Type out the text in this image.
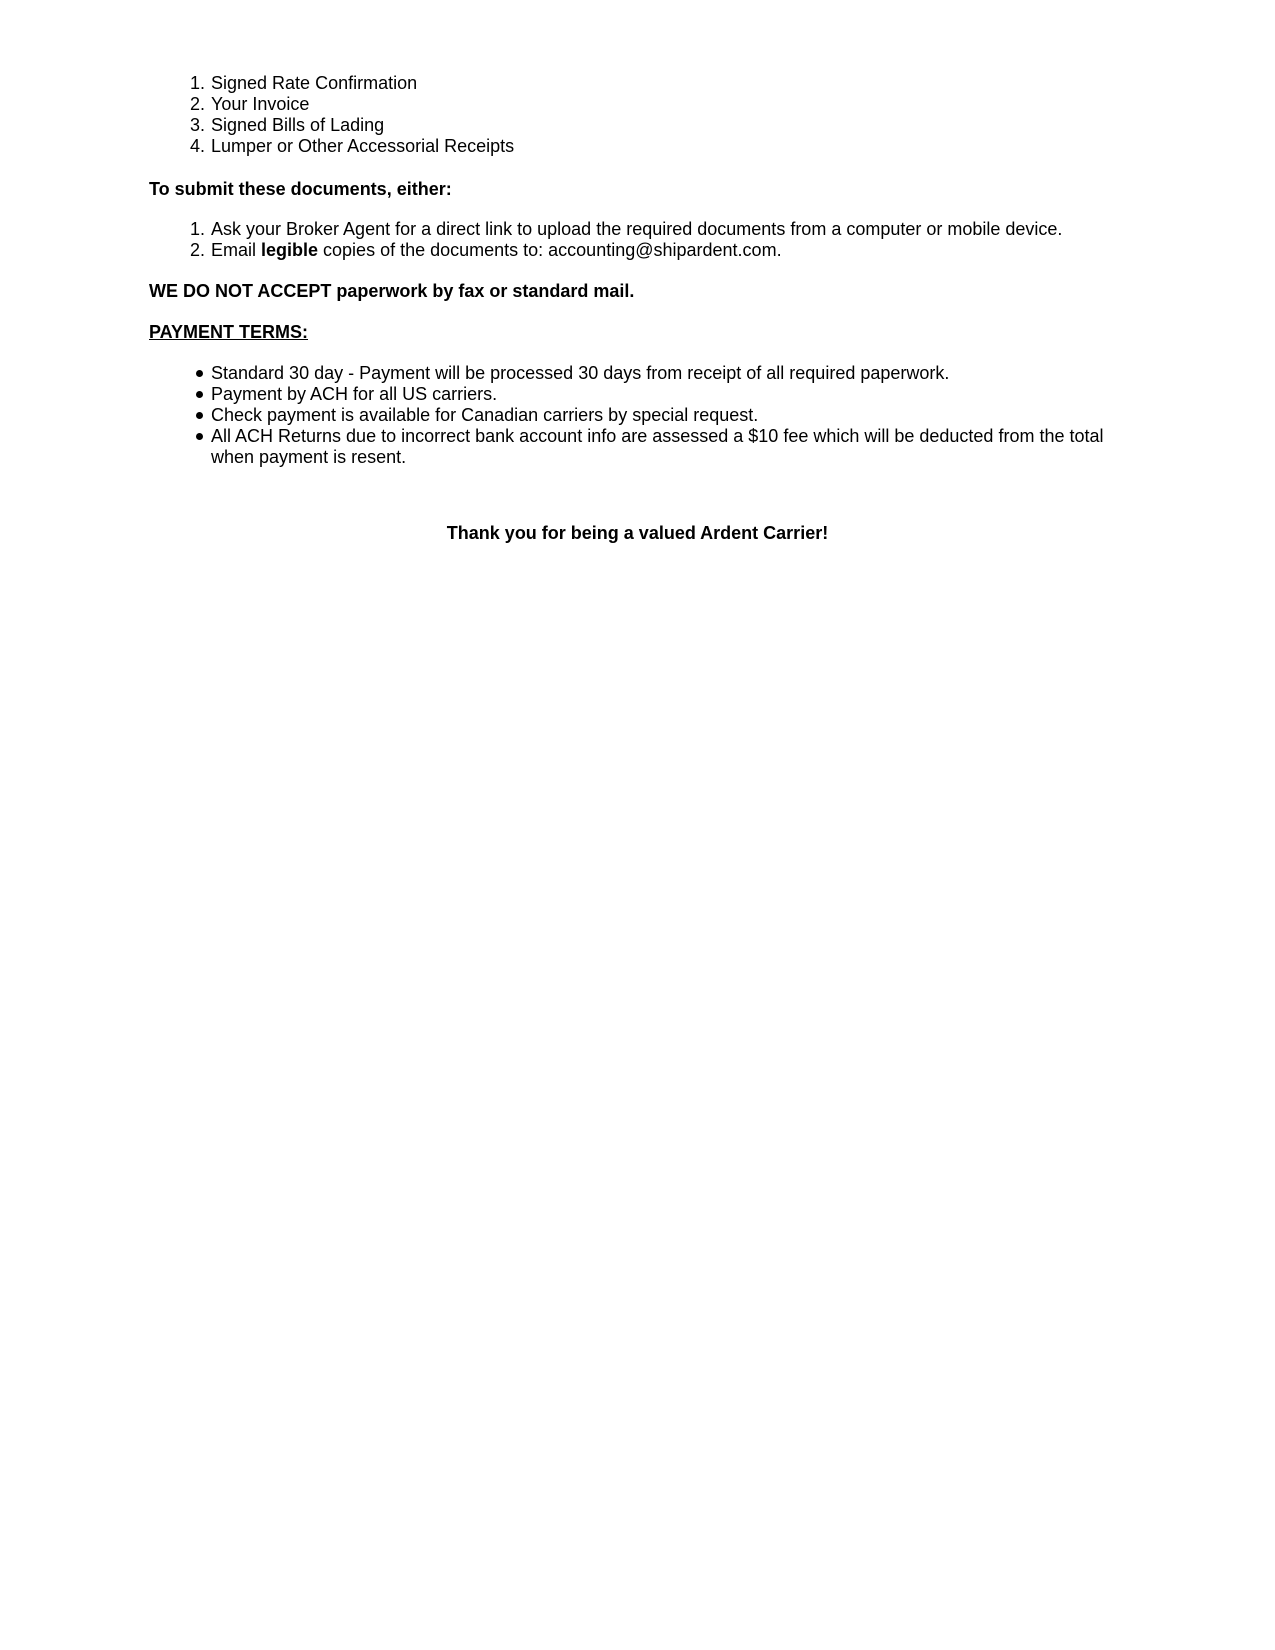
1. Signed Rate Confirmation
2. Your Invoice
3. Signed Bills of Lading
4. Lumper or Other Accessorial Receipts

To submit these documents, either:

1. Ask your Broker Agent for a direct link to upload the required documents from a computer or mobile device.
2. Email legible copies of the documents to: accounting@shipardent.com.

WE DO NOT ACCEPT paperwork by fax or standard mail.

PAYMENT TERMS:

Standard 30 day - Payment will be processed 30 days from receipt of all required paperwork.
Payment by ACH for all US carriers.
Check payment is available for Canadian carriers by special request.
All ACH Returns due to incorrect bank account info are assessed a $10 fee which will be deducted from the total when payment is resent.

Thank you for being a valued Ardent Carrier!
